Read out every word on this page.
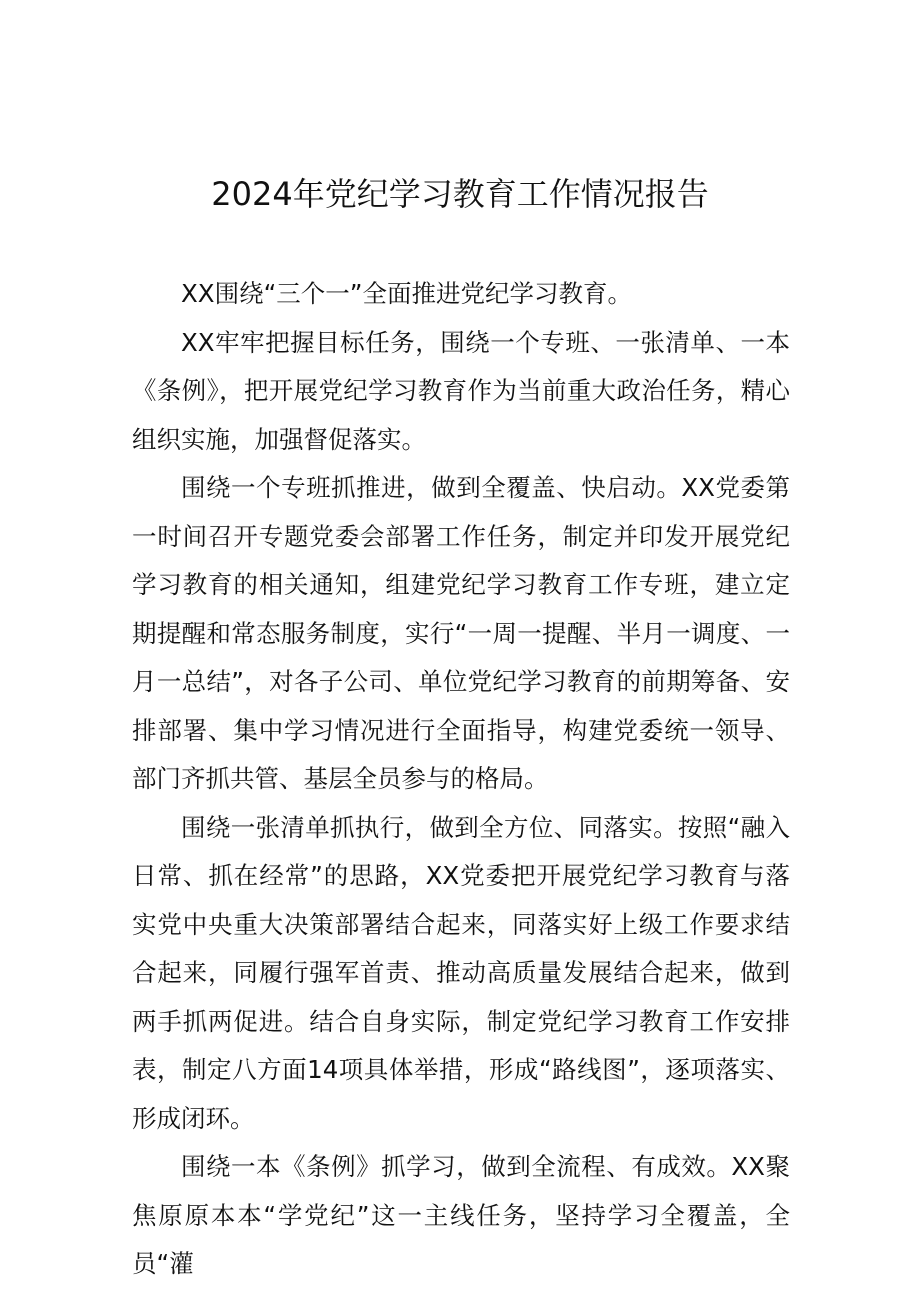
2024年党纪学习教育工作情况报告

XX围绕“三个一”全面推进党纪学习教育。

XX牢牢把握目标任务，围绕一个专班、一张清单、一本《条例》，把开展党纪学习教育作为当前重大政治任务，精心组织实施，加强督促落实。

围绕一个专班抓推进，做到全覆盖、快启动。XX党委第一时间召开专题党委会部署工作任务，制定并印发开展党纪学习教育的相关通知，组建党纪学习教育工作专班，建立定期提醒和常态服务制度，实行“一周一提醒、半月一调度、一月一总结”，对各子公司、单位党纪学习教育的前期筹备、安排部署、集中学习情况进行全面指导，构建党委统一领导、部门齐抓共管、基层全员参与的格局。

围绕一张清单抓执行，做到全方位、同落实。按照“融入日常、抓在经常”的思路，XX党委把开展党纪学习教育与落实党中央重大决策部署结合起来，同落实好上级工作要求结合起来，同履行强军首责、推动高质量发展结合起来，做到两手抓两促进。结合自身实际，制定党纪学习教育工作安排表，制定八方面14项具体举措，形成“路线图”，逐项落实、形成闭环。

围绕一本《条例》抓学习，做到全流程、有成效。XX聚焦原原本本“学党纪”这一主线任务，坚持学习全覆盖，全员“灌
